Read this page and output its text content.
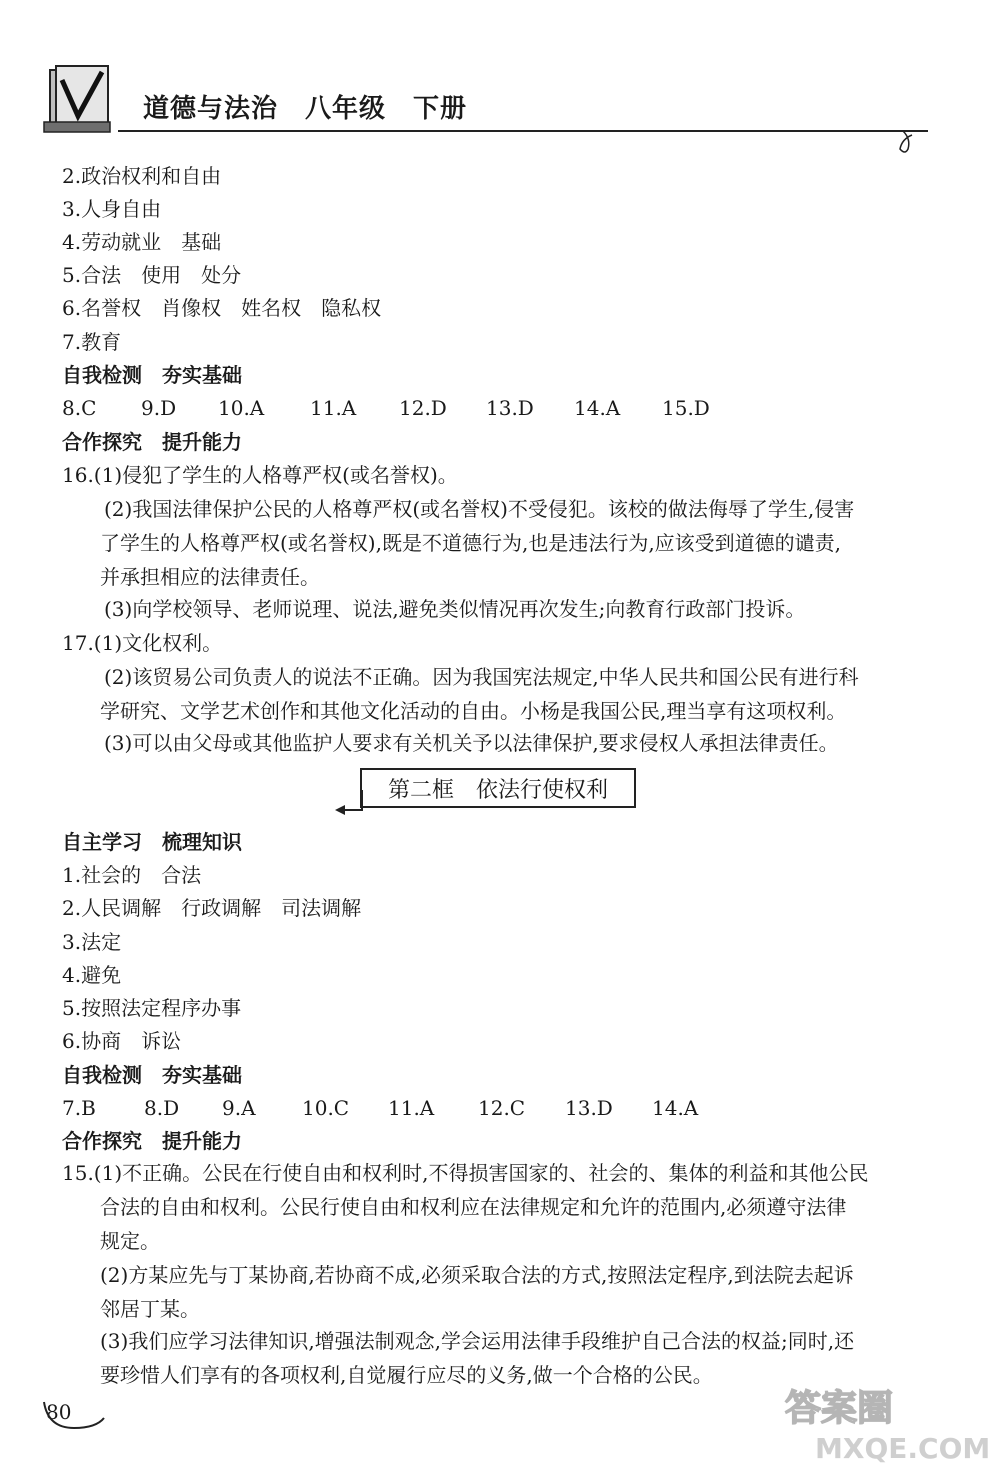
道德与法治　八年级　下册
2.政治权利和自由
3.人身自由
4.劳动就业　基础
5.合法　使用　处分
6.名誉权　肖像权　姓名权　隐私权
7.教育
自我检测　夯实基础
8.C 9.D 10.A 11.A 12.D 13.D 14.A 15.D
合作探究　提升能力
16.(1)侵犯了学生的人格尊严权(或名誉权)。
(2)我国法律保护公民的人格尊严权(或名誉权)不受侵犯。该校的做法侮辱了学生,侵害
了学生的人格尊严权(或名誉权),既是不道德行为,也是违法行为,应该受到道德的谴责,
并承担相应的法律责任。
(3)向学校领导、老师说理、说法,避免类似情况再次发生;向教育行政部门投诉。
17.(1)文化权利。
(2)该贸易公司负责人的说法不正确。因为我国宪法规定,中华人民共和国公民有进行科
学研究、文学艺术创作和其他文化活动的自由。小杨是我国公民,理当享有这项权利。
(3)可以由父母或其他监护人要求有关机关予以法律保护,要求侵权人承担法律责任。
第二框　依法行使权利
自主学习　梳理知识
1.社会的　合法
2.人民调解　行政调解　司法调解
3.法定
4.避免
5.按照法定程序办事
6.协商　诉讼
自我检测　夯实基础
7.B 8.D 9.A 10.C 11.A 12.C 13.D 14.A
合作探究　提升能力
15.(1)不正确。公民在行使自由和权利时,不得损害国家的、社会的、集体的利益和其他公民
合法的自由和权利。公民行使自由和权利应在法律规定和允许的范围内,必须遵守法律
规定。
(2)方某应先与丁某协商,若协商不成,必须采取合法的方式,按照法定程序,到法院去起诉
邻居丁某。
(3)我们应学习法律知识,增强法制观念,学会运用法律手段维护自己合法的权益;同时,还
要珍惜人们享有的各项权利,自觉履行应尽的义务,做一个合格的公民。
80	答案圈
MXQE.COM
